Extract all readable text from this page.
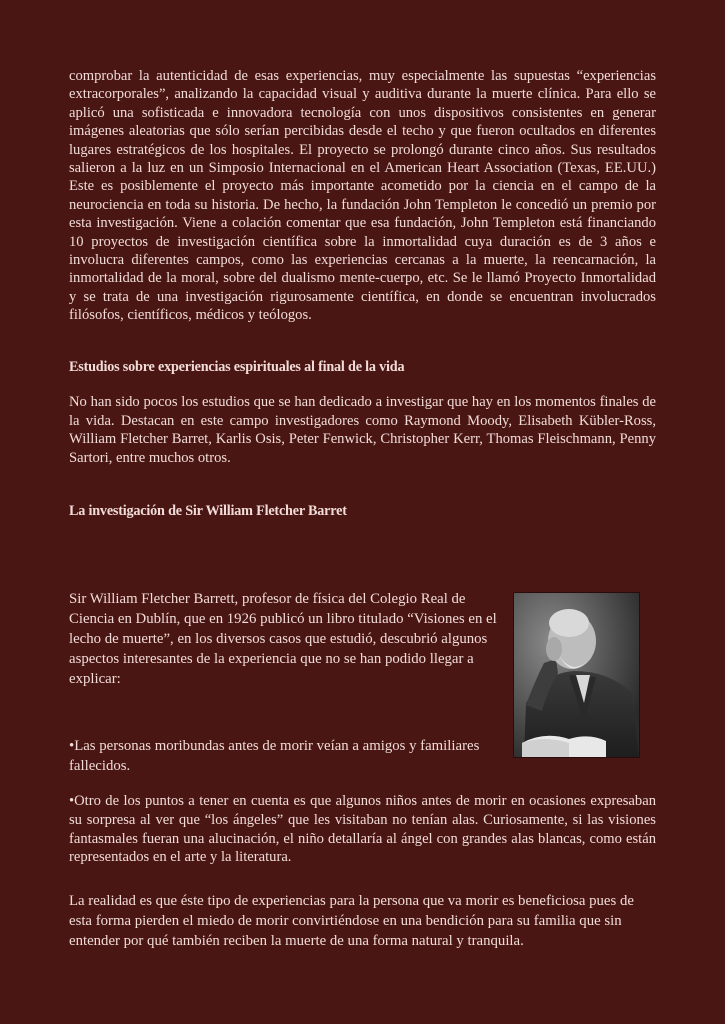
comprobar la autenticidad de esas experiencias, muy especialmente las supuestas “experiencias extracorporales”, analizando la capacidad visual y auditiva durante la muerte clínica. Para ello se aplicó una sofisticada e innovadora tecnología con unos dispositivos consistentes en generar imágenes aleatorias que sólo serían percibidas desde el techo y que fueron ocultados en diferentes lugares estratégicos de los hospitales. El proyecto se prolongó durante cinco años. Sus resultados salieron a la luz en un Simposio Internacional en el American Heart Association (Texas, EE.UU.) Este es posiblemente el proyecto más importante acometido por la ciencia en el campo de la neurociencia en toda su historia. De hecho, la fundación John Templeton le concedió un premio por esta investigación. Viene a colación comentar que esa fundación, John Templeton está financiando 10 proyectos de investigación científica sobre la inmortalidad cuya duración es de 3 años e involucra diferentes campos, como las experiencias cercanas a la muerte, la reencarnación, la inmortalidad de la moral, sobre del dualismo mente-cuerpo, etc. Se le llamó Proyecto Inmortalidad y se trata de una investigación rigurosamente científica, en donde se encuentran involucrados filósofos, científicos, médicos y teólogos.

Estudios sobre experiencias espirituales al final de la vida

No han sido pocos los estudios que se han dedicado a investigar que hay en los momentos finales de la vida. Destacan en este campo investigadores como Raymond Moody, Elisabeth Kübler-Ross, William Fletcher Barret, Karlis Osis, Peter Fenwick, Christopher Kerr, Thomas Fleischmann, Penny Sartori, entre muchos otros.

La investigación de Sir William Fletcher Barret

Sir William Fletcher Barrett, profesor de física del Colegio Real de Ciencia en Dublín, que en 1926 publicó un libro titulado “Visiones en el lecho de muerte”, en los diversos casos que estudió, descubrió algunos aspectos interesantes de la experiencia que no se han podido llegar a explicar:

•Las personas moribundas antes de morir veían a amigos y familiares fallecidos.

•Otro de los puntos a tener en cuenta es que algunos niños antes de morir en ocasiones expresaban su sorpresa al ver que “los ángeles” que les visitaban no tenían alas. Curiosamente, si las visiones fantasmales fueran una alucinación, el niño detallaría al ángel con grandes alas blancas, como están representados en el arte y la literatura.

La realidad es que éste tipo de experiencias para la persona que va morir es beneficiosa pues de esta forma pierden el miedo de morir convirtiéndose en una bendición para su familia que sin entender por qué también reciben la muerte de una forma natural y tranquila.
